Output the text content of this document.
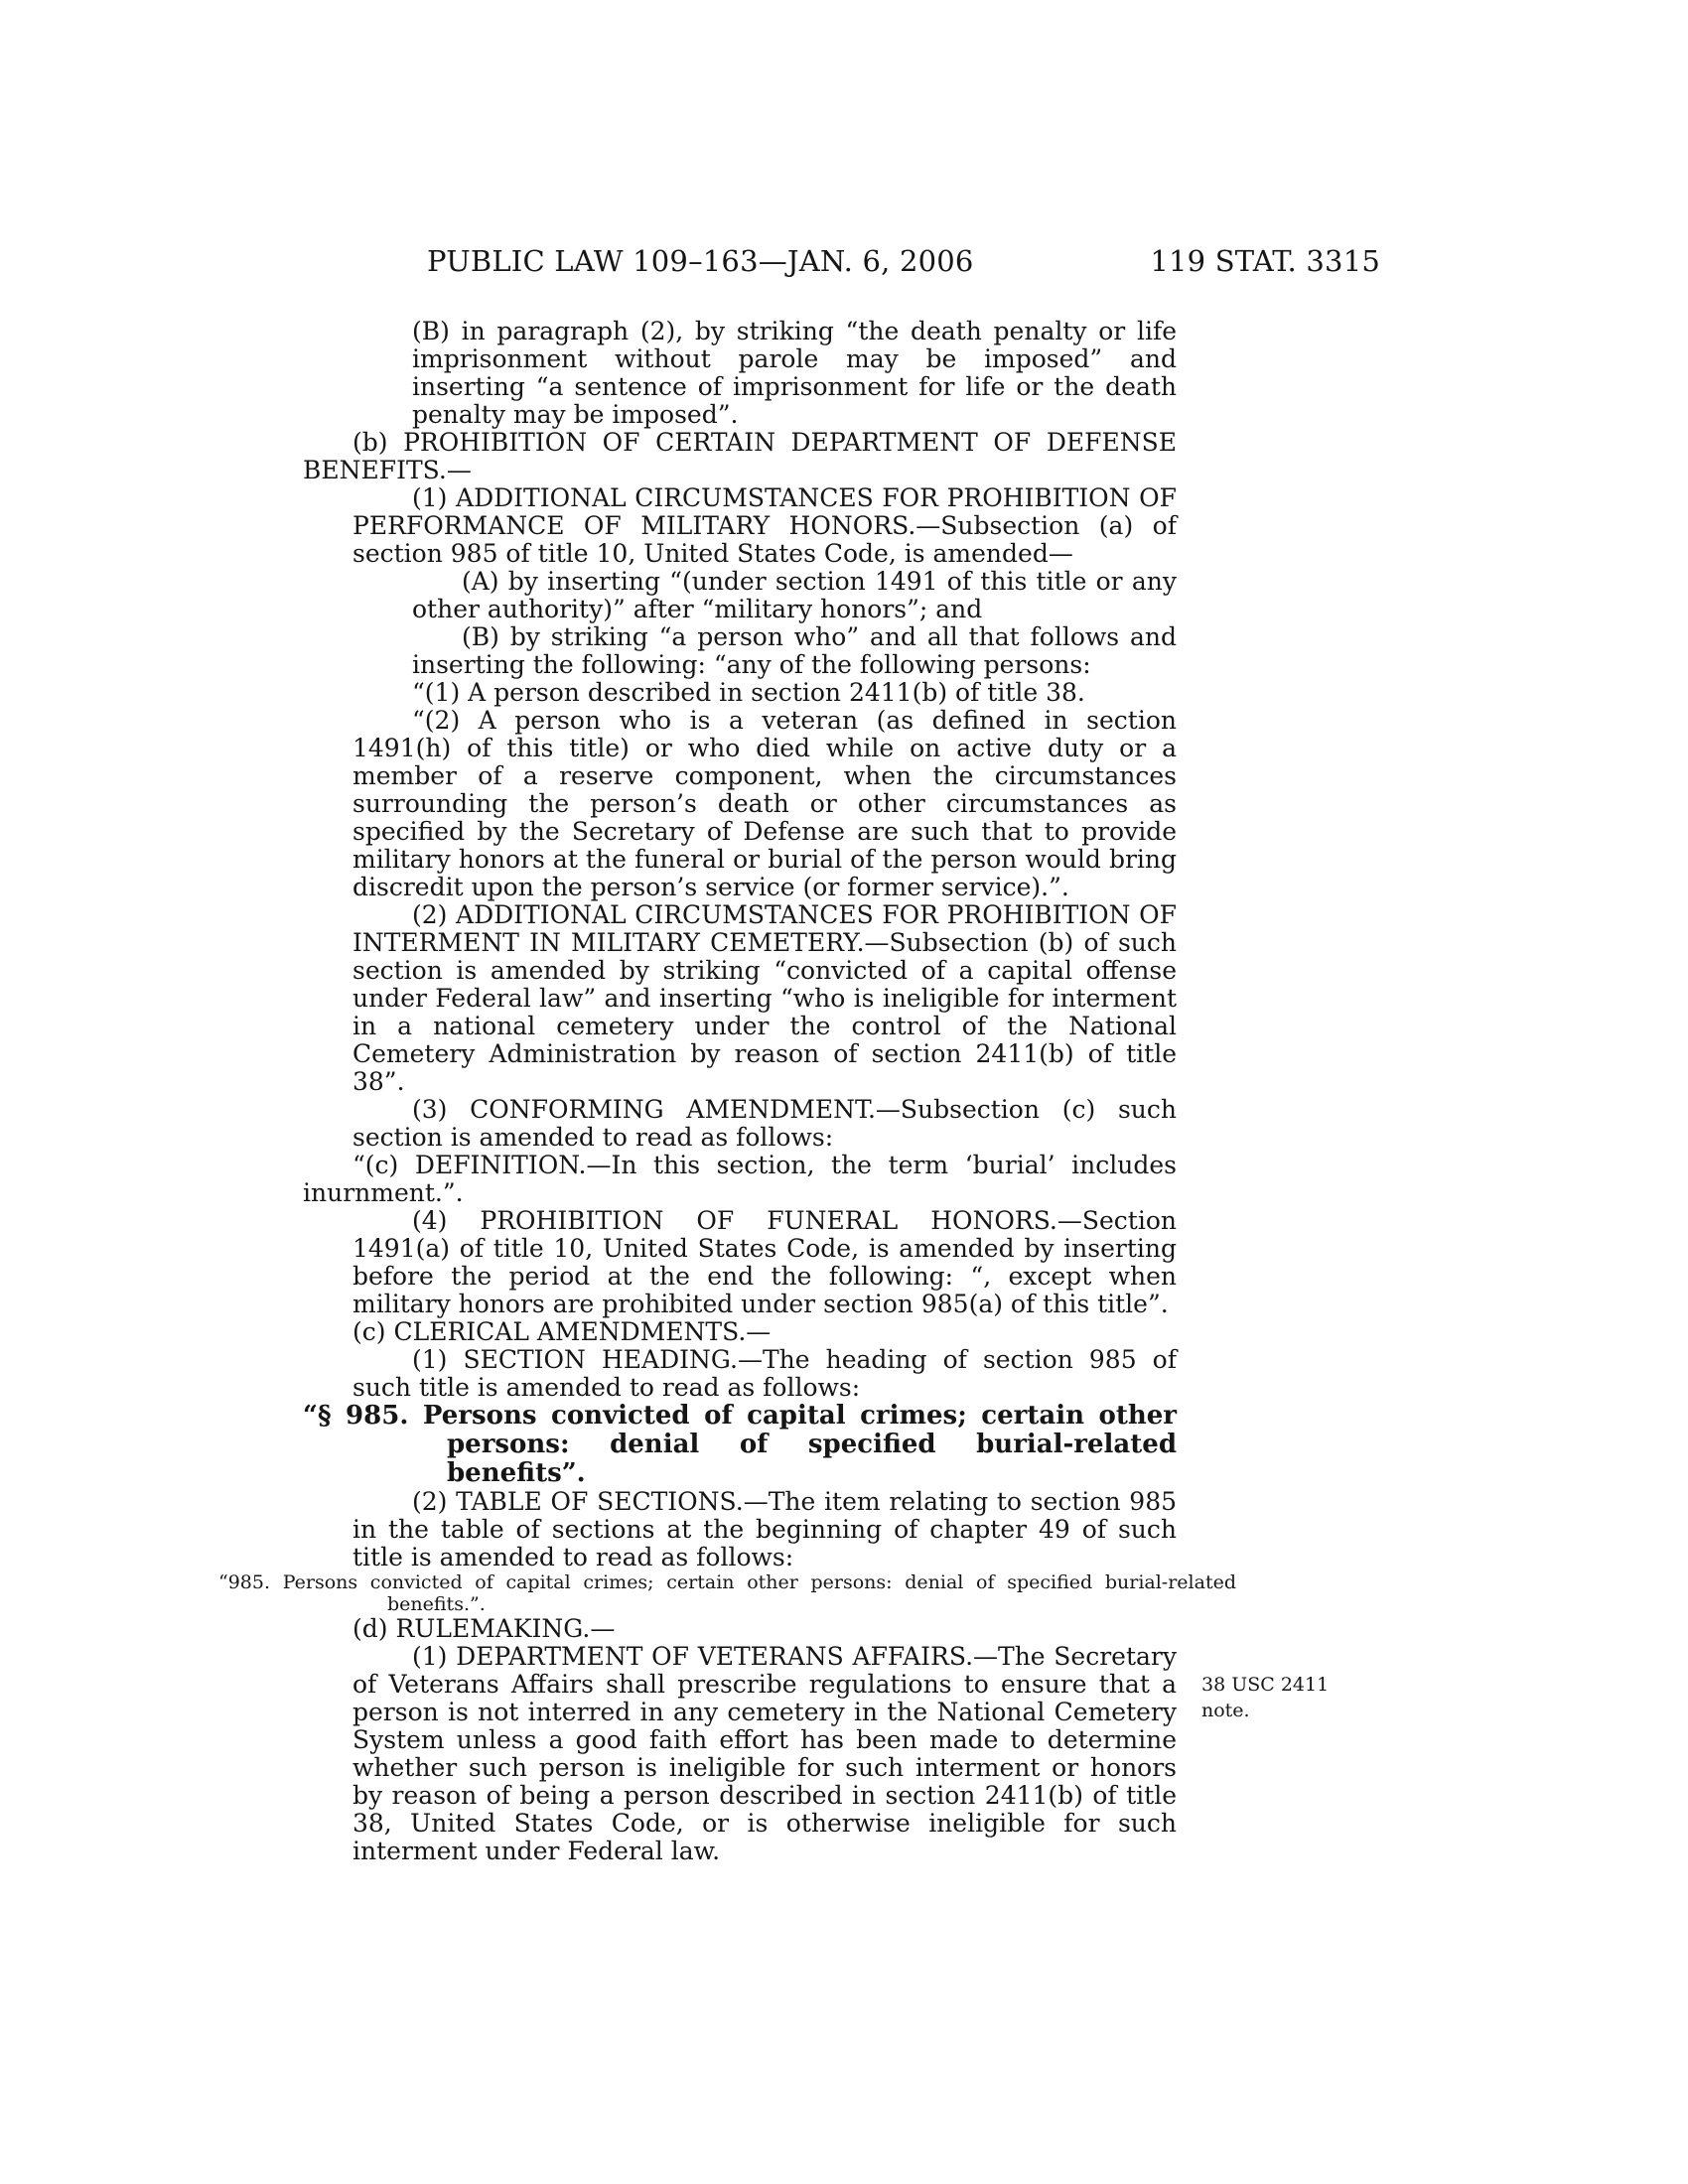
PUBLIC LAW 109–163—JAN. 6, 2006	119 STAT. 3315

(B) in paragraph (2), by striking “the death penalty or life imprisonment without parole may be imposed” and inserting “a sentence of imprisonment for life or the death penalty may be imposed”.

(b) PROHIBITION OF CERTAIN DEPARTMENT OF DEFENSE BENEFITS.—

(1) ADDITIONAL CIRCUMSTANCES FOR PROHIBITION OF PERFORMANCE OF MILITARY HONORS.—Subsection (a) of section 985 of title 10, United States Code, is amended—

(A) by inserting “(under section 1491 of this title or any other authority)” after “military honors”; and

(B) by striking “a person who” and all that follows and inserting the following: “any of the following persons:

“(1) A person described in section 2411(b) of title 38.

“(2) A person who is a veteran (as defined in section 1491(h) of this title) or who died while on active duty or a member of a reserve component, when the circumstances surrounding the person’s death or other circumstances as specified by the Secretary of Defense are such that to provide military honors at the funeral or burial of the person would bring discredit upon the person’s service (or former service).”.

(2) ADDITIONAL CIRCUMSTANCES FOR PROHIBITION OF INTERMENT IN MILITARY CEMETERY.—Subsection (b) of such section is amended by striking “convicted of a capital offense under Federal law” and inserting “who is ineligible for interment in a national cemetery under the control of the National Cemetery Administration by reason of section 2411(b) of title 38”.

(3) CONFORMING AMENDMENT.—Subsection (c) such section is amended to read as follows:

“(c) DEFINITION.—In this section, the term ‘burial’ includes inurnment.”.

(4) PROHIBITION OF FUNERAL HONORS.—Section 1491(a) of title 10, United States Code, is amended by inserting before the period at the end the following: “, except when military honors are prohibited under section 985(a) of this title”.

(c) CLERICAL AMENDMENTS.—

(1) SECTION HEADING.—The heading of section 985 of such title is amended to read as follows:

“§ 985. Persons convicted of capital crimes; certain other persons: denial of specified burial-related benefits”.

(2) TABLE OF SECTIONS.—The item relating to section 985 in the table of sections at the beginning of chapter 49 of such title is amended to read as follows:

“985. Persons convicted of capital crimes; certain other persons: denial of specified burial-related benefits.”.

(d) RULEMAKING.—

(1) DEPARTMENT OF VETERANS AFFAIRS.—The Secretary of Veterans Affairs shall prescribe regulations to ensure that a person is not interred in any cemetery in the National Cemetery System unless a good faith effort has been made to determine whether such person is ineligible for such interment or honors by reason of being a person described in section 2411(b) of title 38, United States Code, or is otherwise ineligible for such interment under Federal law.

38 USC 2411
note.
